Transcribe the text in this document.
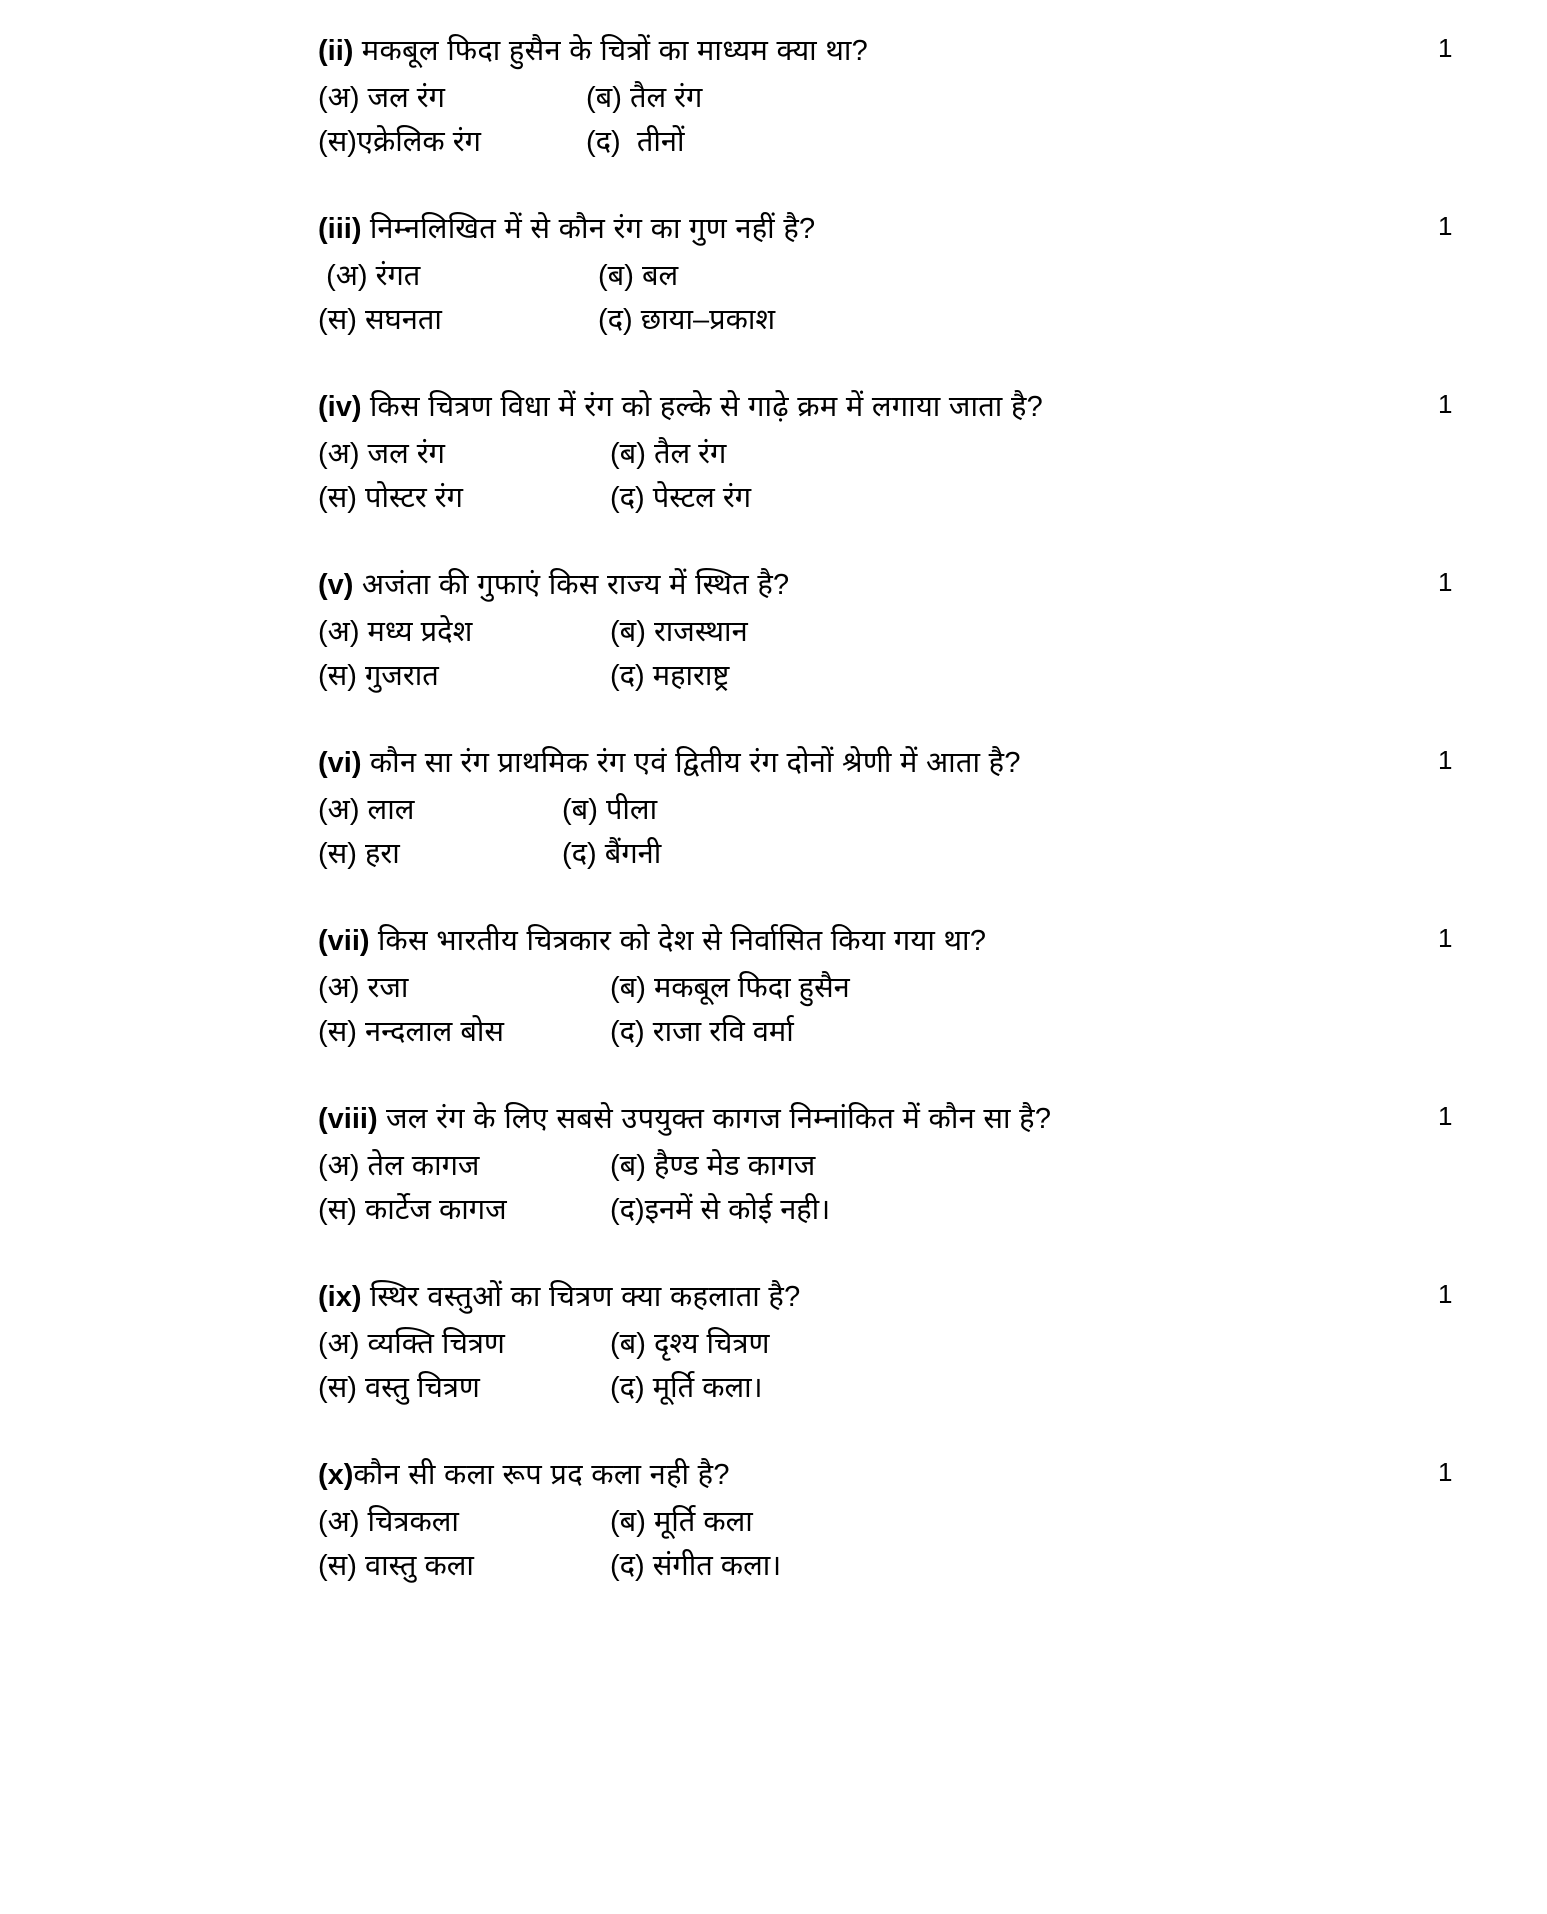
(ii) मकबूल फिदा हुसैन के चित्रों का माध्यम क्या था?	1
(अ) जल रंग	(ब) तैल रंग
(स)एक्रेलिक रंग	(द) तीनों
(iii) निम्नलिखित में से कौन रंग का गुण नहीं है?	1
(अ) रंगत	(ब) बल
(स) सघनता	(द) छाया–प्रकाश
(iv) किस चित्रण विधा में रंग को हल्के से गाढ़े क्रम में लगाया जाता है?	1
(अ) जल रंग	(ब) तैल रंग
(स) पोस्टर रंग	(द) पेस्टल रंग
(v) अजंता की गुफाएं किस राज्य में स्थित है?	1
(अ) मध्य प्रदेश	(ब) राजस्थान
(स) गुजरात	(द) महाराष्ट्र
(vi) कौन सा रंग प्राथमिक रंग एवं द्वितीय रंग दोनों श्रेणी में आता है?	1
(अ) लाल	(ब) पीला
(स) हरा	(द) बैंगनी
(vii) किस भारतीय चित्रकार को देश से निर्वासित किया गया था?	1
(अ) रजा	(ब) मकबूल फिदा हुसैन
(स) नन्दलाल बोस	(द) राजा रवि वर्मा
(viii) जल रंग के लिए सबसे उपयुक्त कागज निम्नांकित में कौन सा है?	1
(अ) तेल कागज	(ब) हैण्ड मेड कागज
(स) कार्टेज कागज	(द)इनमें से कोई नही।
(ix) स्थिर वस्तुओं का चित्रण क्या कहलाता है?	1
(अ) व्यक्ति चित्रण	(ब) दृश्य चित्रण
(स) वस्तु चित्रण	(द) मूर्ति कला।
(x)कौन सी कला रूप प्रद कला नही है?	1
(अ) चित्रकला	(ब) मूर्ति कला
(स) वास्तु कला	(द) संगीत कला।
